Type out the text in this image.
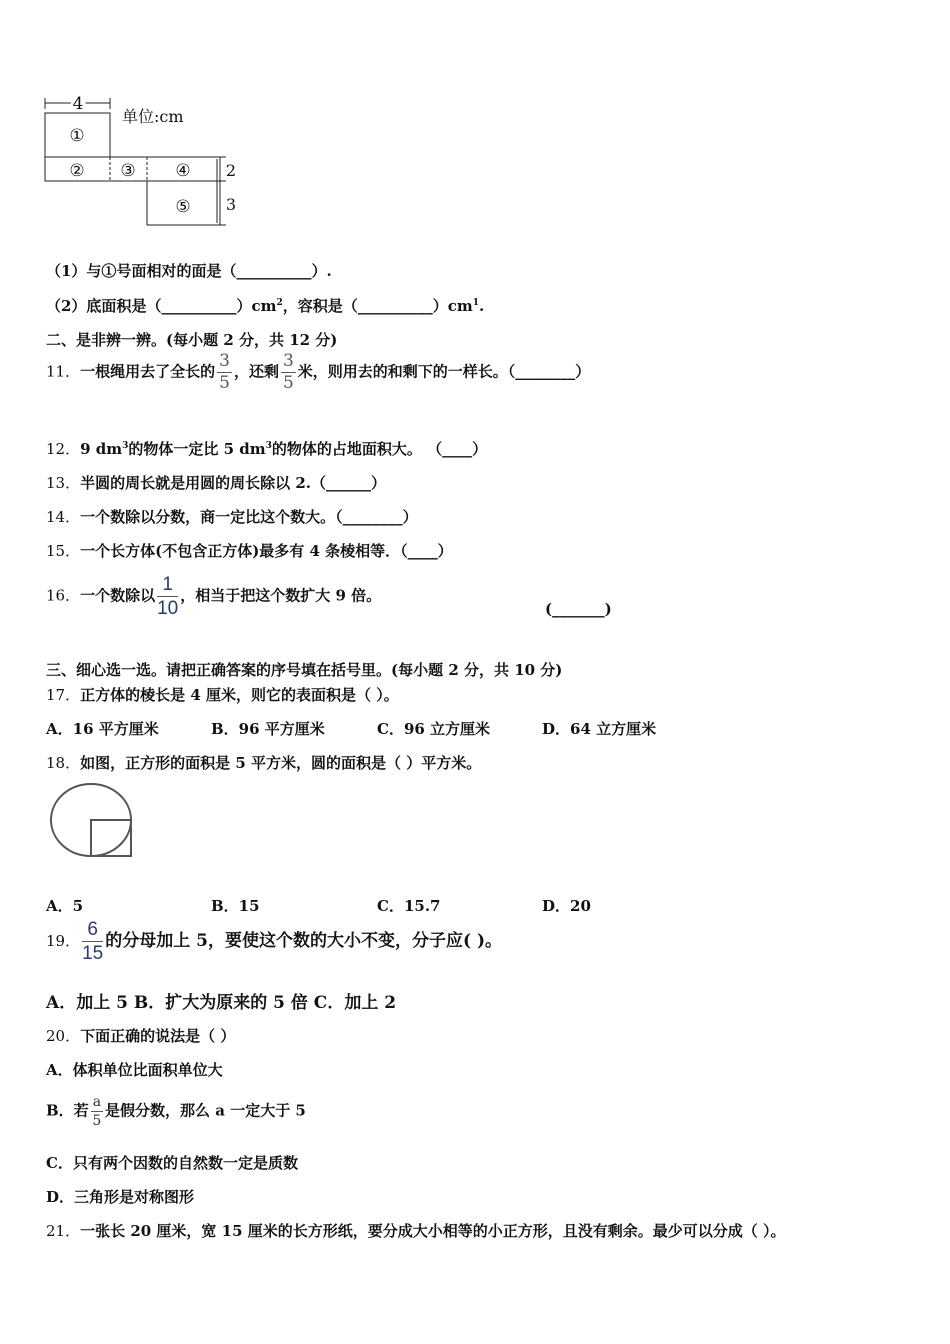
4
单位:cm
①
② ③ ④
⑤
2
3
（1）与①号面相对的面是（__________）.
（2）底面积是$(\_\_\_\_\_\_\_\_\_\_)cm^2$，容积是$(\_\_\_\_\_\_\_\_\_\_)cm^1$.
二、是非辨一辨。(每小题 2 分，共 12 分)
11．一根绳用去了全长的 $\frac{3}{5}$ ，还剩 $\frac{3}{5}$ 米，则用去的和剩下的一样长。（________）
12．9 $dm^3$的物体一定比 5 $dm^3$的物体的占地面积大。 （____）
13．半圆的周长就是用圆的周长除以 2.（______）
14．一个数除以分数，商一定比这个数大。（________）
15．一个长方体(不包含正方体)最多有 4 条棱相等．（____）
16．一个数除以 $\frac{1}{10}$ ，相当于把这个数扩大 9 倍。
(_______)
三、细心选一选。请把正确答案的序号填在括号里。(每小题 2 分，共 10 分)
17．正方体的棱长是 4 厘米，则它的表面积是（ ）。
A．16 平方厘米	B．96 平方厘米	C．96 立方厘米	D．64 立方厘米
18．如图，正方形的面积是 5 平方米，圆的面积是（ ）平方米。
A．5	B．15	C．15.7	D．20
19． $\frac{6}{15}$ 的分母加上 5，要使这个数的大小不变，分子应( )。
A．加上 5 B．扩大为原来的 5 倍 C．加上 2
20．下面正确的说法是（ ）
A．体积单位比面积单位大
B．若 $\frac{a}{5}$ 是假分数，那么 a 一定大于 5
C．只有两个因数的自然数一定是质数
D．三角形是对称图形
21．一张长 20 厘米，宽 15 厘米的长方形纸，要分成大小相等的小正方形，且没有剩余。最少可以分成（ ）。
